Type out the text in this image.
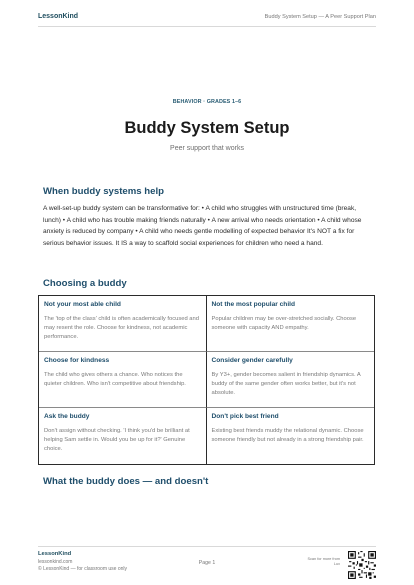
LessonKind	Buddy System Setup — A Peer Support Plan
BEHAVIOR · GRADES 1–6
Buddy System Setup
Peer support that works
When buddy systems help
A well-set-up buddy system can be transformative for: • A child who struggles with unstructured time (break, lunch) • A child who has trouble making friends naturally • A new arrival who needs orientation • A child whose anxiety is reduced by company • A child who needs gentle modelling of expected behavior It's NOT a fix for serious behavior issues. It IS a way to scaffold social experiences for children who need a hand.
Choosing a buddy
Not your most able child
The 'top of the class' child is often academically focused and may resent the role. Choose for kindness, not academic performance.
Not the most popular child
Popular children may be over-stretched socially. Choose someone with capacity AND empathy.
Choose for kindness
The child who gives others a chance. Who notices the quieter children. Who isn't competitive about friendship.
Consider gender carefully
By Y3+, gender becomes salient in friendship dynamics. A buddy of the same gender often works better, but it's not absolute.
Ask the buddy
Don't assign without checking. 'I think you'd be brilliant at helping Sam settle in. Would you be up for it?' Genuine choice.
Don't pick best friend
Existing best friends muddy the relational dynamic. Choose someone friendly but not already in a strong friendship pair.
What the buddy does — and doesn't
LessonKind
lessonkind.com
© LessonKind — for classroom use only
Page 1
Scan for more from Lux
